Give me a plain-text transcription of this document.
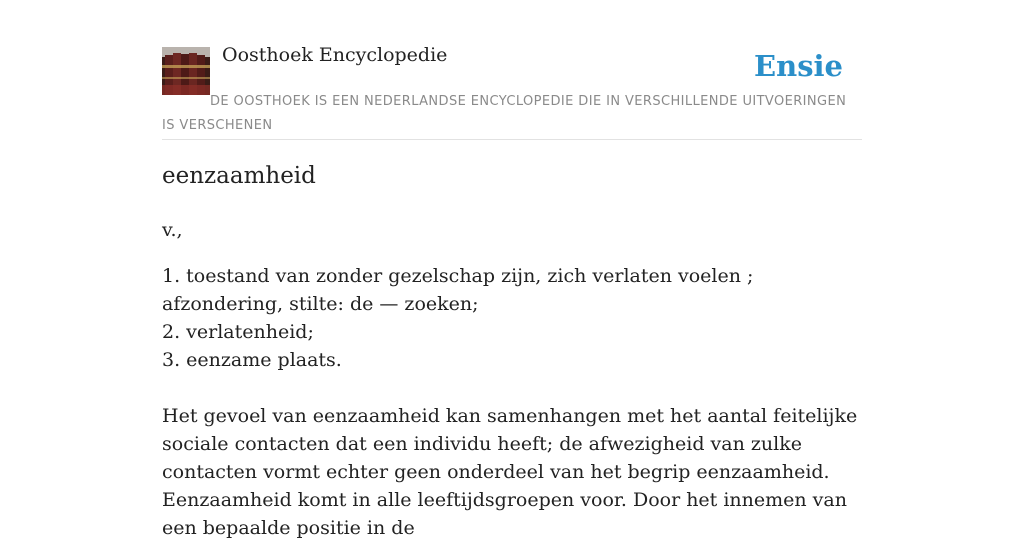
Oosthoek Encyclopedie	Ensie
DE OOSTHOEK IS EEN NEDERLANDSE ENCYCLOPEDIE DIE IN VERSCHILLENDE UITVOERINGEN IS VERSCHENEN
eenzaamheid

v.,

1. toestand van zonder gezelschap zijn, zich verlaten voelen ; afzondering, stilte: de — zoeken;

2. verlatenheid;

3. eenzame plaats.

Het gevoel van eenzaamheid kan samenhangen met het aantal feitelijke sociale contacten dat een individu heeft; de afwezigheid van zulke contacten vormt echter geen onderdeel van het begrip eenzaamheid. Eenzaamheid komt in alle leeftijdsgroepen voor. Door het innemen van een bepaalde positie in de
